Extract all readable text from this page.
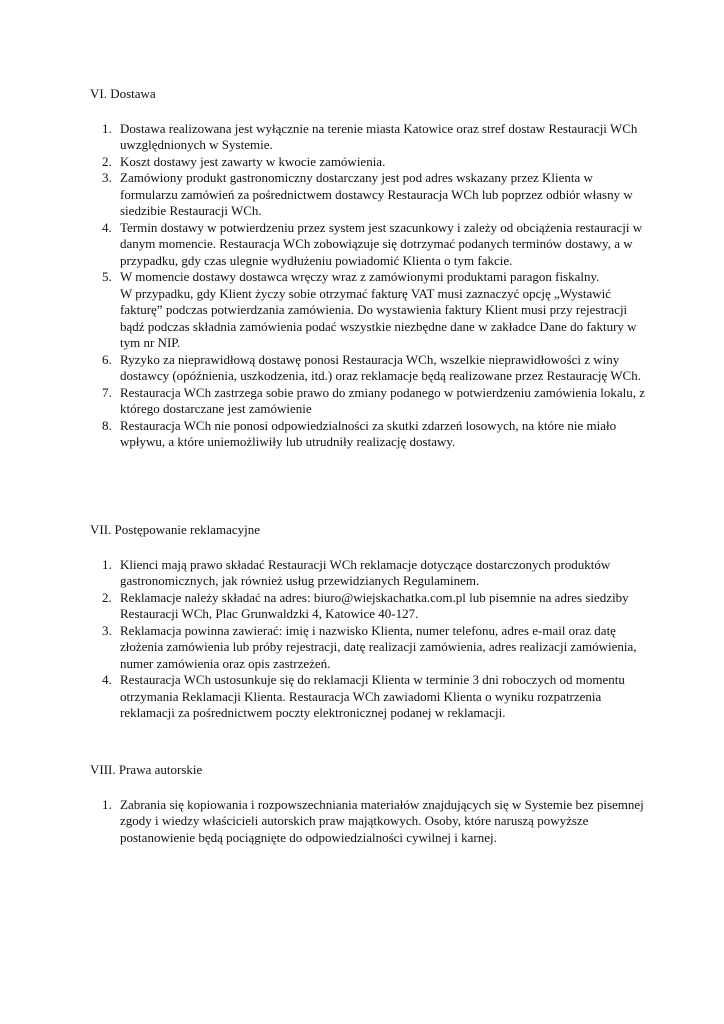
VI. Dostawa
1. Dostawa realizowana jest wyłącznie na terenie miasta Katowice oraz stref dostaw Restauracji WCh uwzględnionych w Systemie.
2. Koszt dostawy jest zawarty w kwocie zamówienia.
3. Zamówiony produkt gastronomiczny dostarczany jest pod adres wskazany przez Klienta w formularzu zamówień za pośrednictwem dostawcy Restauracja WCh lub poprzez odbiór własny w siedzibie Restauracji WCh.
4. Termin dostawy w potwierdzeniu przez system jest szacunkowy i zależy od obciążenia restauracji w danym momencie. Restauracja WCh zobowiązuje się dotrzymać podanych terminów dostawy, a w przypadku, gdy czas ulegnie wydłużeniu powiadomić Klienta o tym fakcie.
5. W momencie dostawy dostawca wręczy wraz z zamówionymi produktami paragon fiskalny.

W przypadku, gdy Klient życzy sobie otrzymać fakturę VAT musi zaznaczyć opcję „Wystawić fakturę” podczas potwierdzania zamówienia. Do wystawienia faktury Klient musi przy rejestracji bądź podczas składnia zamówienia podać wszystkie niezbędne dane w zakładce Dane do faktury w tym nr NIP.

6. Ryzyko za nieprawidłową dostawę ponosi Restauracja WCh, wszelkie nieprawidłowości z winy dostawcy (opóźnienia, uszkodzenia, itd.) oraz reklamacje będą realizowane przez Restaurację WCh.
7. Restauracja WCh zastrzega sobie prawo do zmiany podanego w potwierdzeniu zamówienia lokalu, z którego dostarczane jest zamówienie
8. Restauracja WCh nie ponosi odpowiedzialności za skutki zdarzeń losowych, na które nie miało wpływu, a które uniemożliwiły lub utrudniły realizację dostawy.
VII. Postępowanie reklamacyjne
1. Klienci mają prawo składać Restauracji WCh reklamacje dotyczące dostarczonych produktów gastronomicznych, jak również usług przewidzianych Regulaminem.
2. Reklamacje należy składać na adres: biuro@wiejskachatka.com.pl lub pisemnie na adres siedziby Restauracji WCh, Plac Grunwaldzki 4, Katowice 40-127.
3. Reklamacja powinna zawierać: imię i nazwisko Klienta, numer telefonu, adres e-mail oraz datę złożenia zamówienia lub próby rejestracji, datę realizacji zamówienia, adres realizacji zamówienia, numer zamówienia oraz opis zastrzeżeń.
4. Restauracja WCh ustosunkuje się do reklamacji Klienta w terminie 3 dni roboczych od momentu otrzymania Reklamacji Klienta. Restauracja WCh zawiadomi Klienta o wyniku rozpatrzenia reklamacji za pośrednictwem poczty elektronicznej podanej w reklamacji.
VIII. Prawa autorskie
1. Zabrania się kopiowania i rozpowszechniania materiałów znajdujących się w Systemie bez pisemnej zgody i wiedzy właścicieli autorskich praw majątkowych. Osoby, które naruszą powyższe postanowienie będą pociągnięte do odpowiedzialności cywilnej i karnej.
